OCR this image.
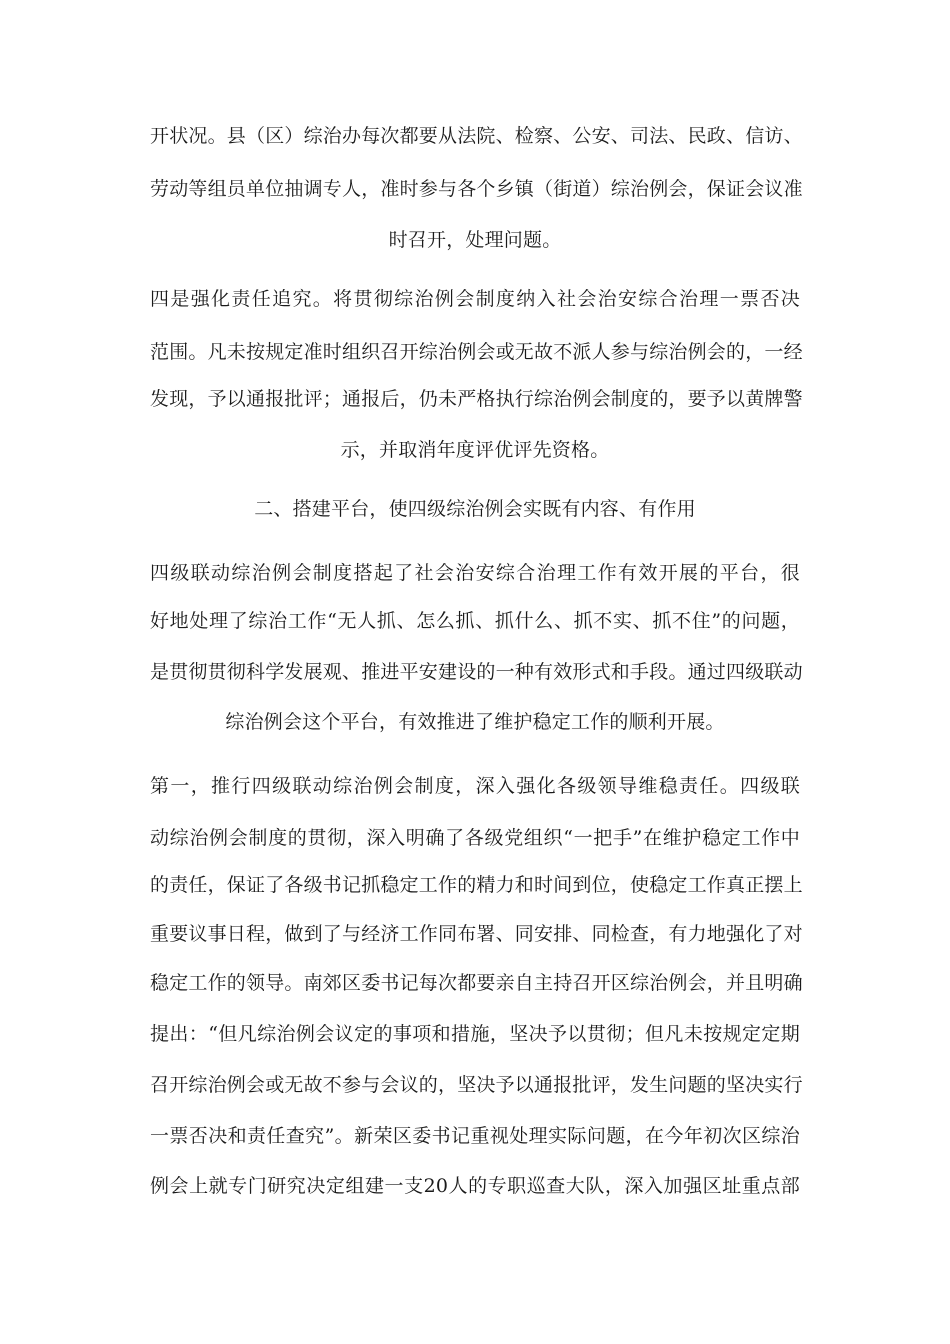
开状况。县（区）综治办每次都要从法院、检察、公安、司法、民政、信访、
劳动等组员单位抽调专人，准时参与各个乡镇（街道）综治例会，保证会议准
时召开，处理问题。
四是强化责任追究。将贯彻综治例会制度纳入社会治安综合治理一票否决
范围。凡未按规定准时组织召开综治例会或无故不派人参与综治例会的，一经
发现，予以通报批评；通报后，仍未严格执行综治例会制度的，要予以黄牌警
示，并取消年度评优评先资格。
二、搭建平台，使四级综治例会实既有内容、有作用
四级联动综治例会制度搭起了社会治安综合治理工作有效开展的平台，很
好地处理了综治工作“无人抓、怎么抓、抓什么、抓不实、抓不住”的问题，
是贯彻贯彻科学发展观、推进平安建设的一种有效形式和手段。通过四级联动
综治例会这个平台，有效推进了维护稳定工作的顺利开展。
第一，推行四级联动综治例会制度，深入强化各级领导维稳责任。四级联
动综治例会制度的贯彻，深入明确了各级党组织“一把手”在维护稳定工作中
的责任，保证了各级书记抓稳定工作的精力和时间到位，使稳定工作真正摆上
重要议事日程，做到了与经济工作同布署、同安排、同检查，有力地强化了对
稳定工作的领导。南郊区委书记每次都要亲自主持召开区综治例会，并且明确
提出：“但凡综治例会议定的事项和措施，坚决予以贯彻；但凡未按规定定期
召开综治例会或无故不参与会议的，坚决予以通报批评，发生问题的坚决实行
一票否决和责任查究”。新荣区委书记重视处理实际问题，在今年初次区综治
例会上就专门研究决定组建一支20人的专职巡查大队，深入加强区址重点部
